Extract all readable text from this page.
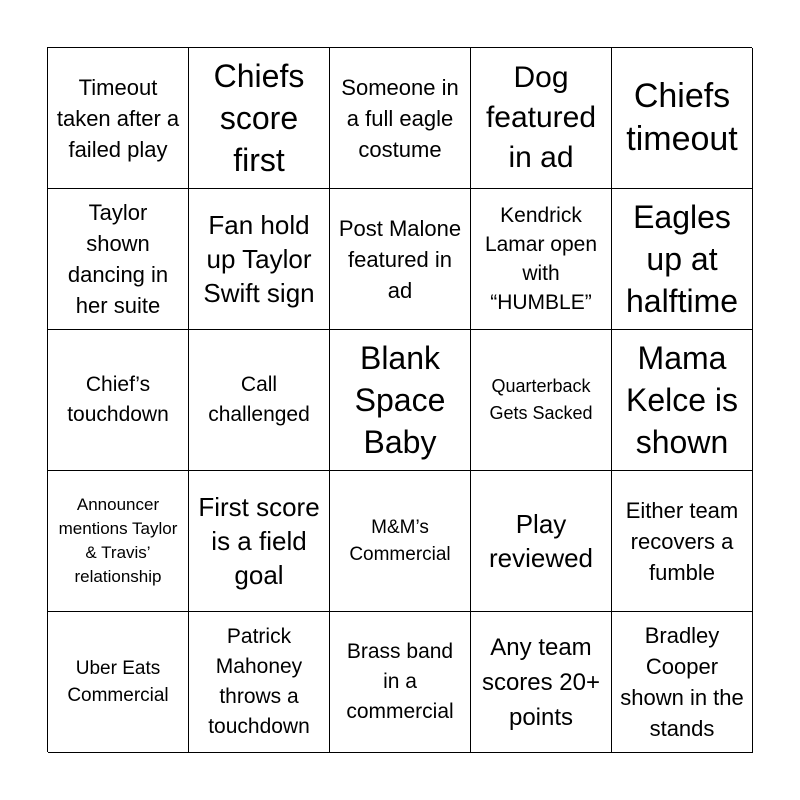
Timeout taken after a failed play
Chiefs score first
Someone in a full eagle costume
Dog featured in ad
Chiefs timeout
Taylor shown dancing in her suite
Fan hold up Taylor Swift sign
Post Malone featured in ad
Kendrick Lamar open with “HUMBLE”
Eagles up at halftime
Chief’s touchdown
Call challenged
Blank Space Baby
Quarterback Gets Sacked
Mama Kelce is shown
Announcer mentions Taylor & Travis’ relationship
First score is a field goal
M&M’s Commercial
Play reviewed
Either team recovers a fumble
Uber Eats Commercial
Patrick Mahoney throws a touchdown
Brass band in a commercial
Any team scores 20+ points
Bradley Cooper shown in the stands
